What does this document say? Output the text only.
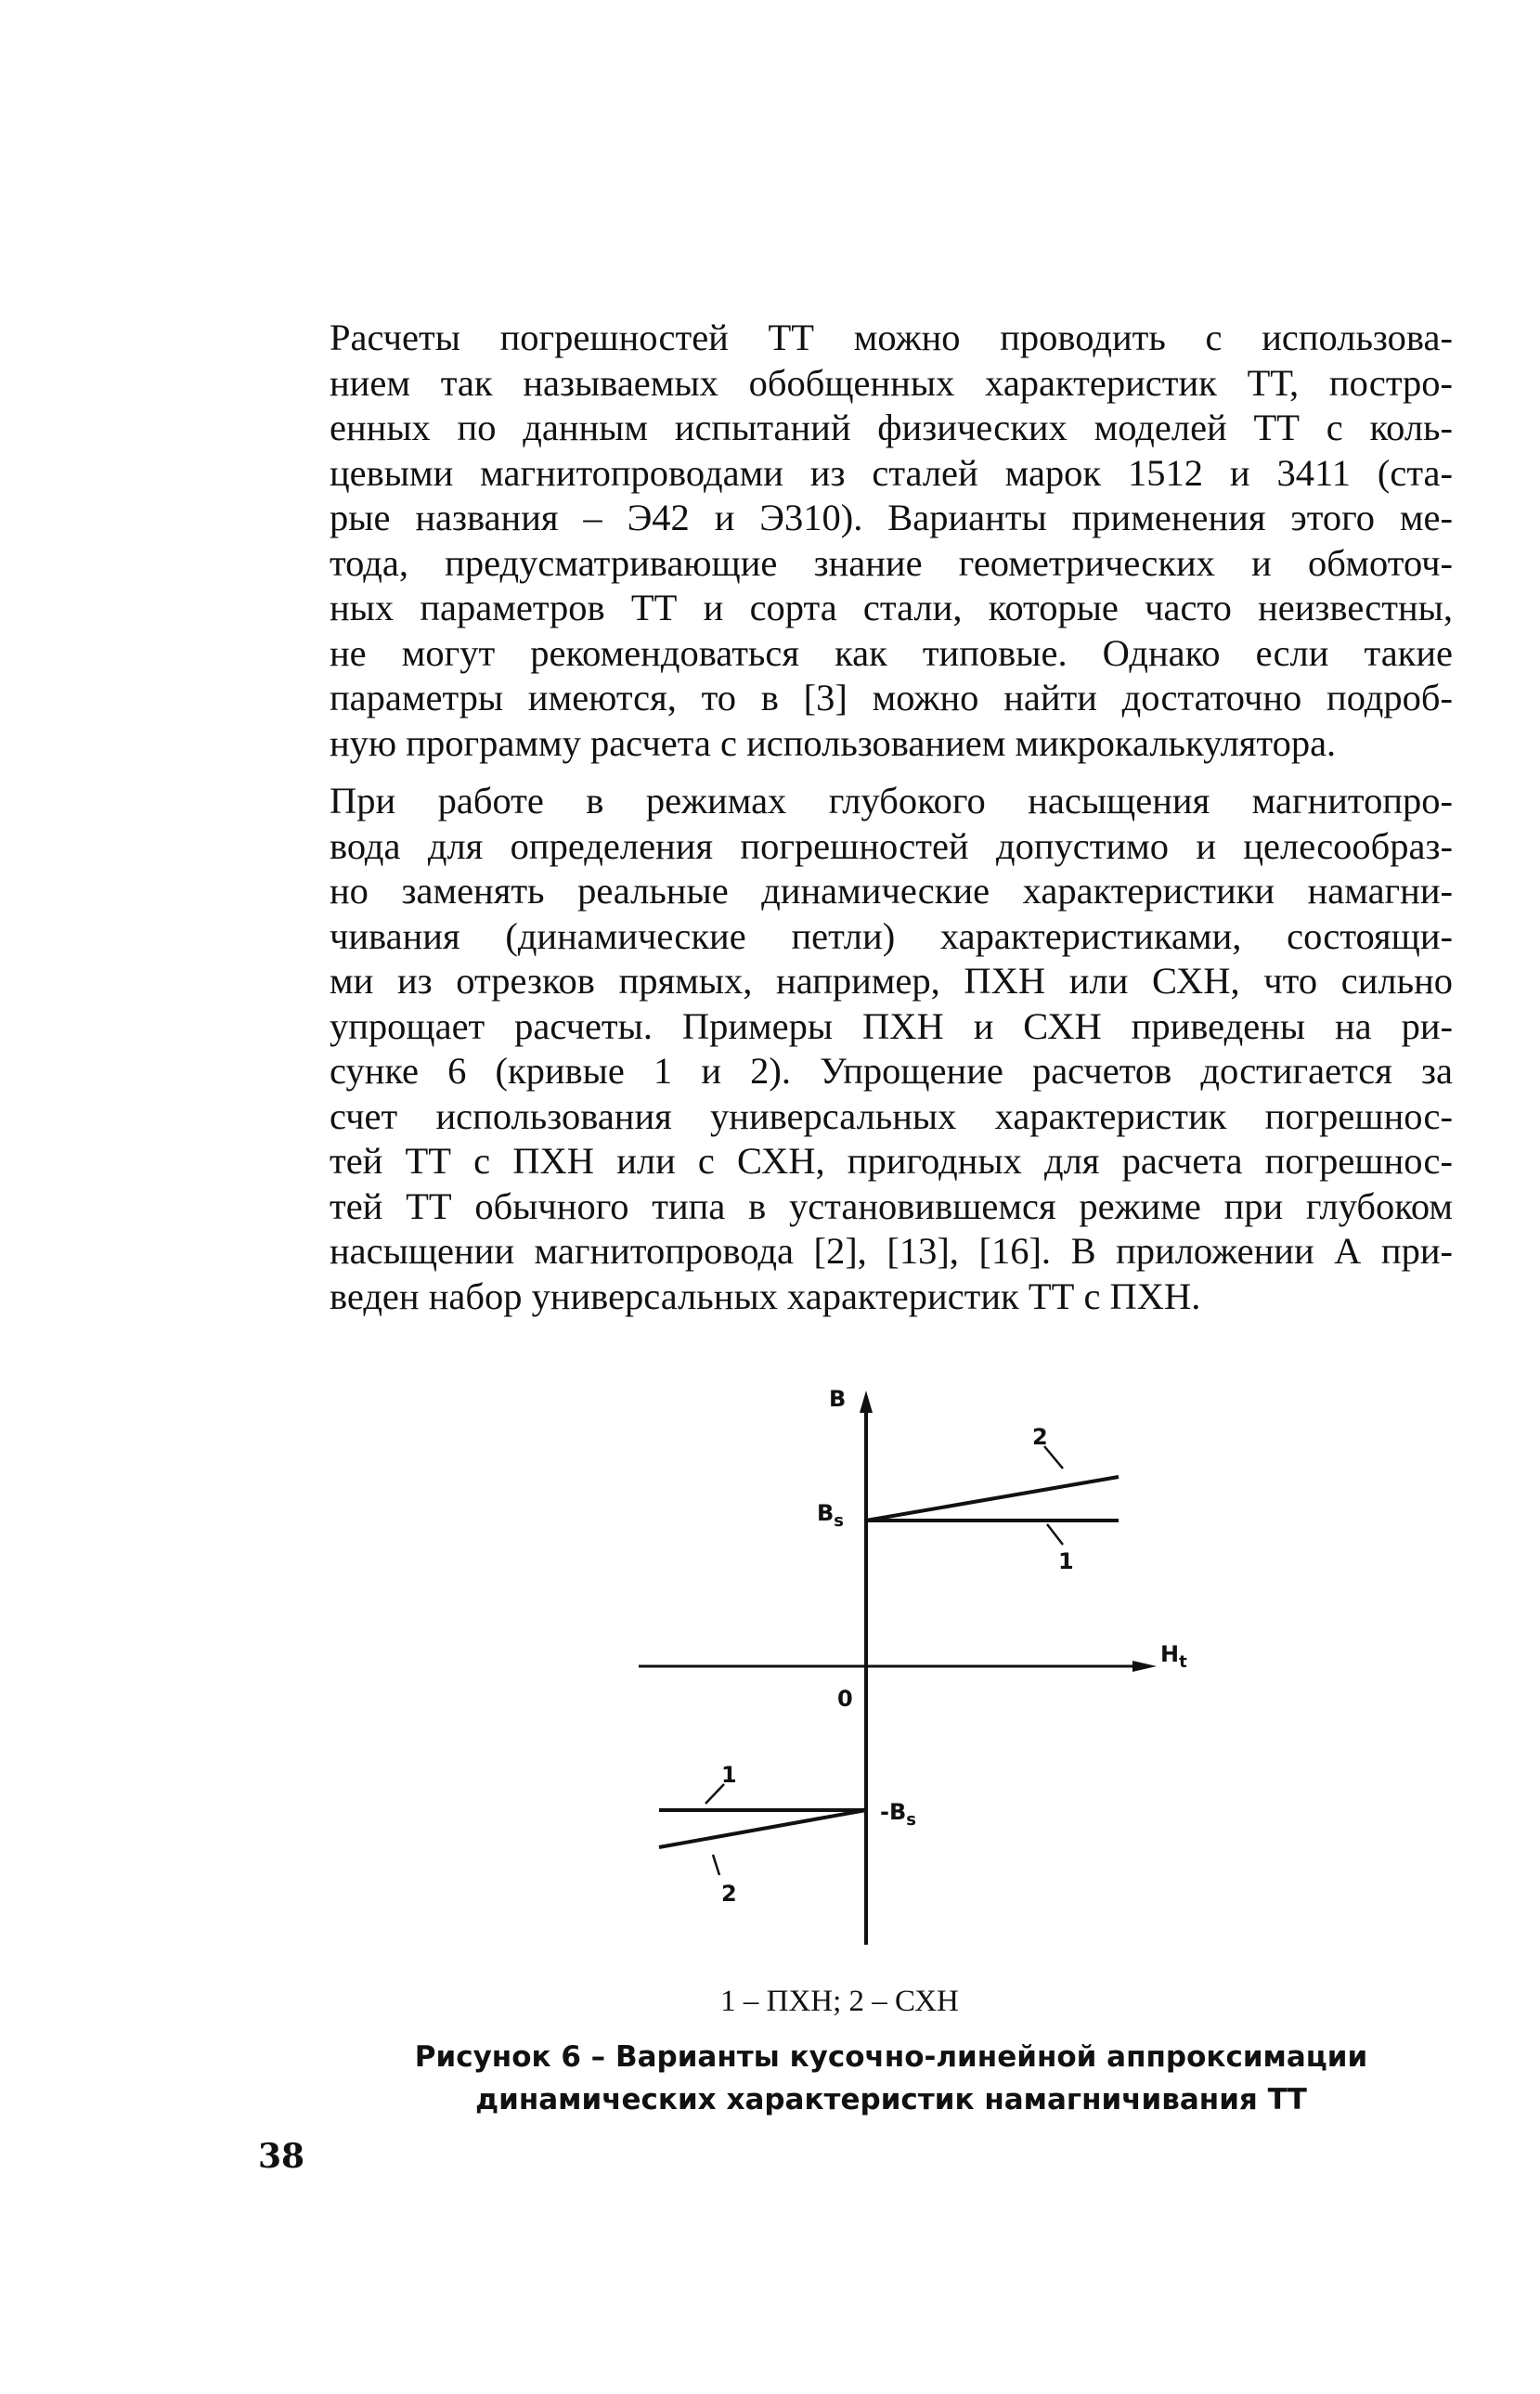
Расчеты погрешностей ТТ можно проводить с использова-
нием так называемых обобщенных характеристик ТТ, постро-
енных по данным испытаний физических моделей ТТ с коль-
цевыми магнитопроводами из сталей марок 1512 и 3411 (ста-
рые названия – Э42 и Э310). Варианты применения этого ме-
тода, предусматривающие знание геометрических и обмоточ-
ных параметров ТТ и сорта стали, которые часто неизвестны,
не могут рекомендоваться как типовые. Однако если такие
параметры имеются, то в [3] можно найти достаточно подроб-
ную программу расчета с использованием микрокалькулятора.

При работе в режимах глубокого насыщения магнитопро-
вода для определения погрешностей допустимо и целесообраз-
но заменять реальные динамические характеристики намагни-
чивания (динамические петли) характеристиками, состоящи-
ми из отрезков прямых, например, ПХН или СХН, что сильно
упрощает расчеты. Примеры ПХН и СХН приведены на ри-
сунке 6 (кривые 1 и 2). Упрощение расчетов достигается за
счет использования универсальных характеристик погрешнос-
тей ТТ с ПХН или с СХН, пригодных для расчета погрешнос-
тей ТТ обычного типа в установившемся режиме при глубоком
насыщении магнитопровода [2], [13], [16]. В приложении А при-
веден набор универсальных характеристик ТТ с ПХН.

B
$H_t$
0
$B_s$
$-B_s$
2
1
1
2
1 – ПХН; 2 – СХН
Рисунок 6 – Варианты кусочно-линейной аппроксимации
динамических характеристик намагничивания ТТ
38
